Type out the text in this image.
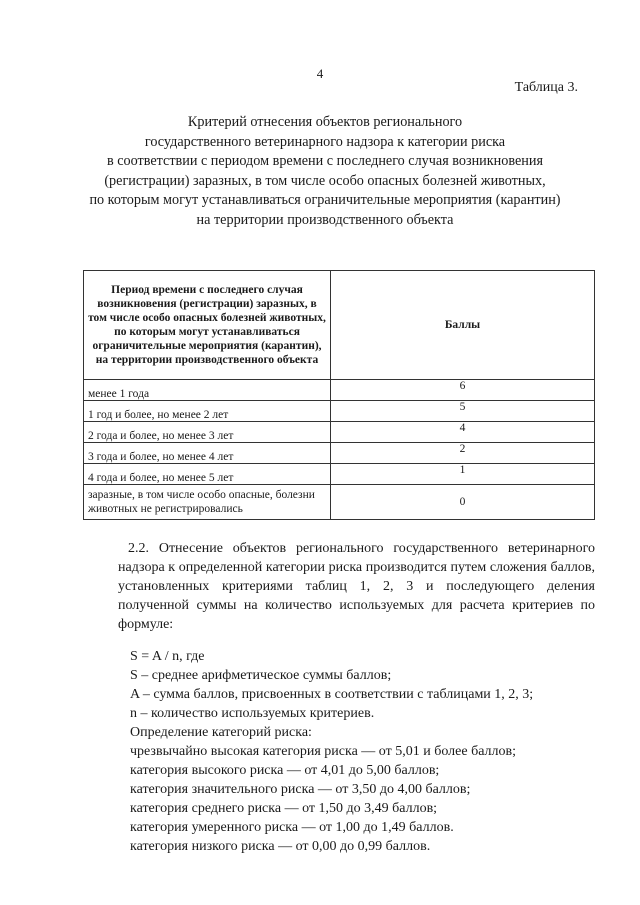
4
Таблица 3.
Критерий отнесения объектов регионального
государственного ветеринарного надзора к категории риска
в соответствии с периодом времени с последнего случая возникновения
(регистрации) заразных, в том числе особо опасных болезней животных,
по которым могут устанавливаться ограничительные мероприятия (карантин)
на территории производственного объекта
Период времени с последнего случая возникновения (регистрации) заразных, в том числе особо опасных болезней животных, по которым могут устанавливаться ограничительные мероприятия (карантин), на территории производственного объекта	Баллы
менее 1 года	6
1 год и более, но менее 2 лет	5
2 года и более, но менее 3 лет	4
3 года и более, но менее 4 лет	2
4 года и более, но менее 5 лет	1
заразные, в том числе особо опасные, болезни животных не регистрировались	0
2.2. Отнесение объектов регионального государственного ветеринарного надзора к определенной категории риска производится путем сложения баллов, установленных критериями таблиц 1, 2, 3 и последующего деления полученной суммы на количество используемых для расчета критериев по формуле:
S = A / n, где
S – среднее арифметическое суммы баллов;
A – сумма баллов, присвоенных в соответствии с таблицами 1, 2, 3;
n – количество используемых критериев.
Определение категорий риска:
чрезвычайно высокая категория риска — от 5,01 и более баллов;
категория высокого риска — от 4,01 до 5,00 баллов;
категория значительного риска — от 3,50 до 4,00 баллов;
категория среднего риска — от 1,50 до 3,49 баллов;
категория умеренного риска — от 1,00 до 1,49 баллов.
категория низкого риска — от 0,00 до 0,99 баллов.
